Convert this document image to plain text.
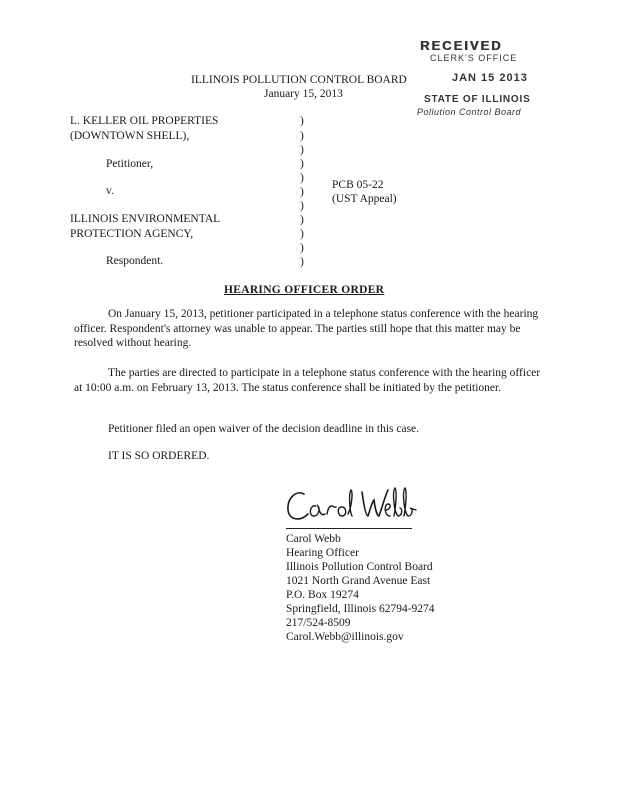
RECEIVED
CLERK'S OFFICE
JAN 15 2013
STATE OF ILLINOIS
Pollution Control Board
ILLINOIS POLLUTION CONTROL BOARD
January 15, 2013
L. KELLER OIL PROPERTIES
(DOWNTOWN SHELL),
Petitioner,
v.
ILLINOIS ENVIRONMENTAL
PROTECTION AGENCY,
Respondent.
)
)
)
)
)
)
)
)
)
)
)
PCB 05-22
(UST Appeal)
HEARING OFFICER ORDER
On January 15, 2013, petitioner participated in a telephone status conference with the hearing officer. Respondent's attorney was unable to appear. The parties still hope that this matter may be resolved without hearing.
The parties are directed to participate in a telephone status conference with the hearing officer at 10:00 a.m. on February 13, 2013. The status conference shall be initiated by the petitioner.
Petitioner filed an open waiver of the decision deadline in this case.
IT IS SO ORDERED.
Carol Webb
Hearing Officer
Illinois Pollution Control Board
1021 North Grand Avenue East
P.O. Box 19274
Springfield, Illinois 62794-9274
217/524-8509
Carol.Webb@illinois.gov
